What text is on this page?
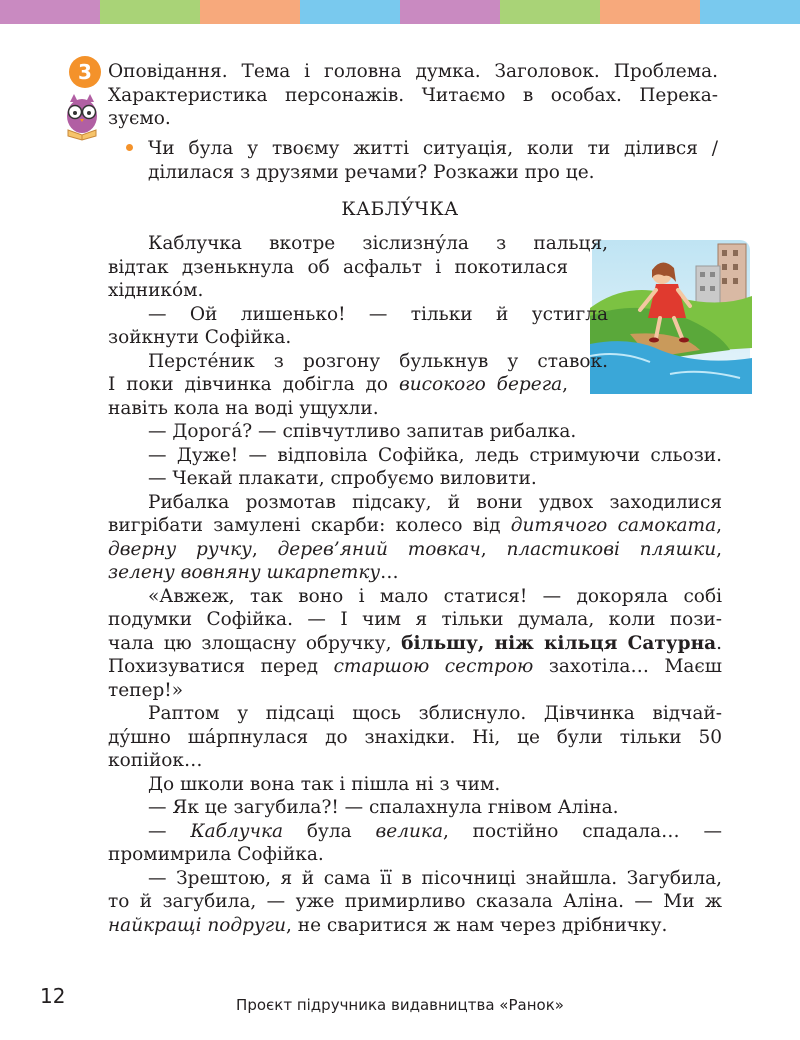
3 Оповідання. Тема і головна думка. Заголовок. Проблема.
Характеристика персонажів. Читаємо в особах. Перека-
зуємо.
Чи була у твоєму житті ситуація, коли ти ділився /
ділилася з друзями речами? Розкажи про це.
КАБЛУ́ЧКА
Каблучка вкотре зіслизну́ла з пальця,
відтак дзенькнула об асфальт і покотилася
хіднико́м.
— Ой лишенько! — тільки й устигла
зойкнути Софійка.
Персте́ник з розгону булькнув у ставок.
І поки дівчинка добігла до високого берега,
навіть кола на воді ущухли.
— Дорога́? — співчутливо запитав рибалка.
— Дуже! — відповіла Софійка, ледь стримуючи сльози.
— Чекай плакати, спробуємо виловити.
Рибалка розмотав підсаку, й вони удвох заходилися
вигрібати замулені скарби: колесо від дитячого самоката,
дверну ручку, дерев’яний товкач, пластикові пляшки,
зелену вовняну шкарпетку…
«Авжеж, так воно і мало статися! — докоряла собі
подумки Софійка. — І чим я тільки думала, коли пози-
чала цю злощасну обручку, більшу, ніж кільця Сатурна.
Похизуватися перед старшою сестрою захотіла… Маєш
тепер!»
Раптом у підсаці щось зблиснуло. Дівчинка відчай-
ду́шно ша́рпнулася до знахідки. Ні, це були тільки 50
копійок…
До школи вона так і пішла ні з чим.
— Як це загубила?! — спалахнула гнівом Аліна.
— Каблучка була велика, постійно спадала… —
промимрила Софійка.
— Зрештою, я й сама її в пісочниці знайшла. Загубила,
то й загубила, — уже примирливо сказала Аліна. — Ми ж
найкращі подруги, не сваритися ж нам через дрібничку.
12	Проєкт підручника видавництва «Ранок»
